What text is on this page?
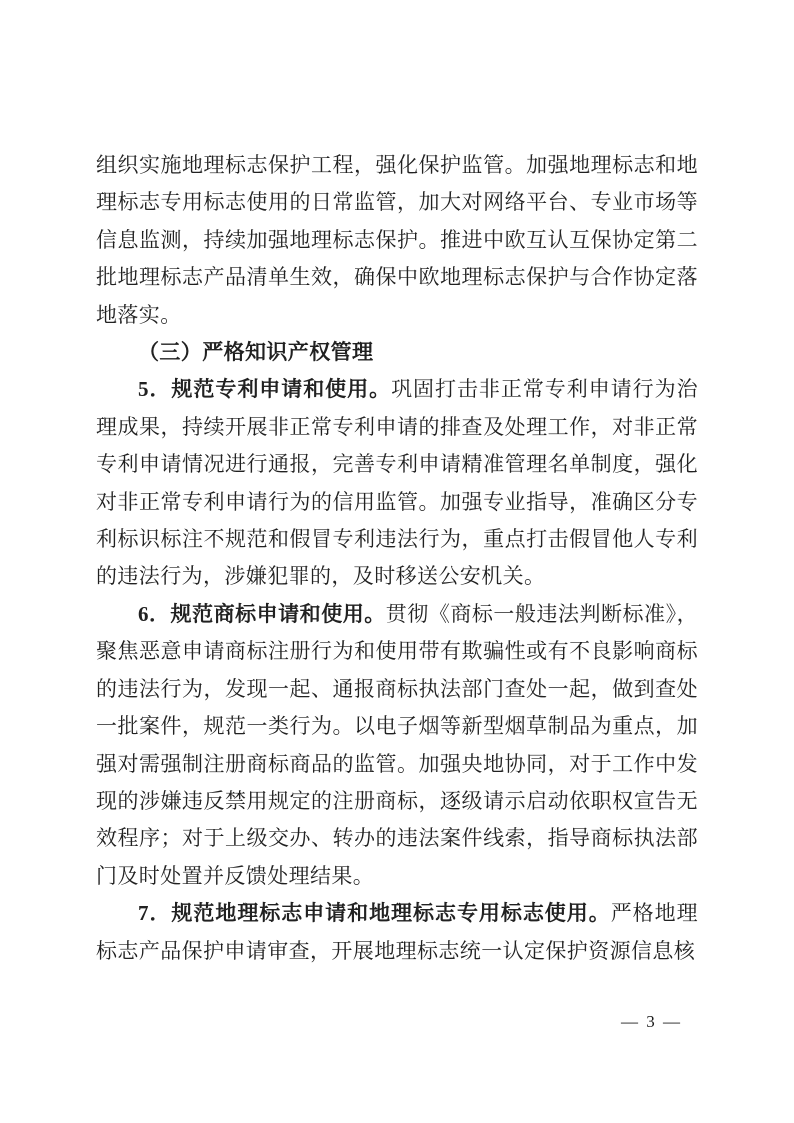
组织实施地理标志保护工程，强化保护监管。加强地理标志和地理标志专用标志使用的日常监管，加大对网络平台、专业市场等信息监测，持续加强地理标志保护。推进中欧互认互保协定第二批地理标志产品清单生效，确保中欧地理标志保护与合作协定落地落实。

（三）严格知识产权管理

5．规范专利申请和使用。巩固打击非正常专利申请行为治理成果，持续开展非正常专利申请的排查及处理工作，对非正常专利申请情况进行通报，完善专利申请精准管理名单制度，强化对非正常专利申请行为的信用监管。加强专业指导，准确区分专利标识标注不规范和假冒专利违法行为，重点打击假冒他人专利的违法行为，涉嫌犯罪的，及时移送公安机关。

6．规范商标申请和使用。贯彻《商标一般违法判断标准》，聚焦恶意申请商标注册行为和使用带有欺骗性或有不良影响商标的违法行为，发现一起、通报商标执法部门查处一起，做到查处一批案件，规范一类行为。以电子烟等新型烟草制品为重点，加强对需强制注册商标商品的监管。加强央地协同，对于工作中发现的涉嫌违反禁用规定的注册商标，逐级请示启动依职权宣告无效程序；对于上级交办、转办的违法案件线索，指导商标执法部门及时处置并反馈处理结果。

7．规范地理标志申请和地理标志专用标志使用。严格地理标志产品保护申请审查，开展地理标志统一认定保护资源信息核

— 3 —
